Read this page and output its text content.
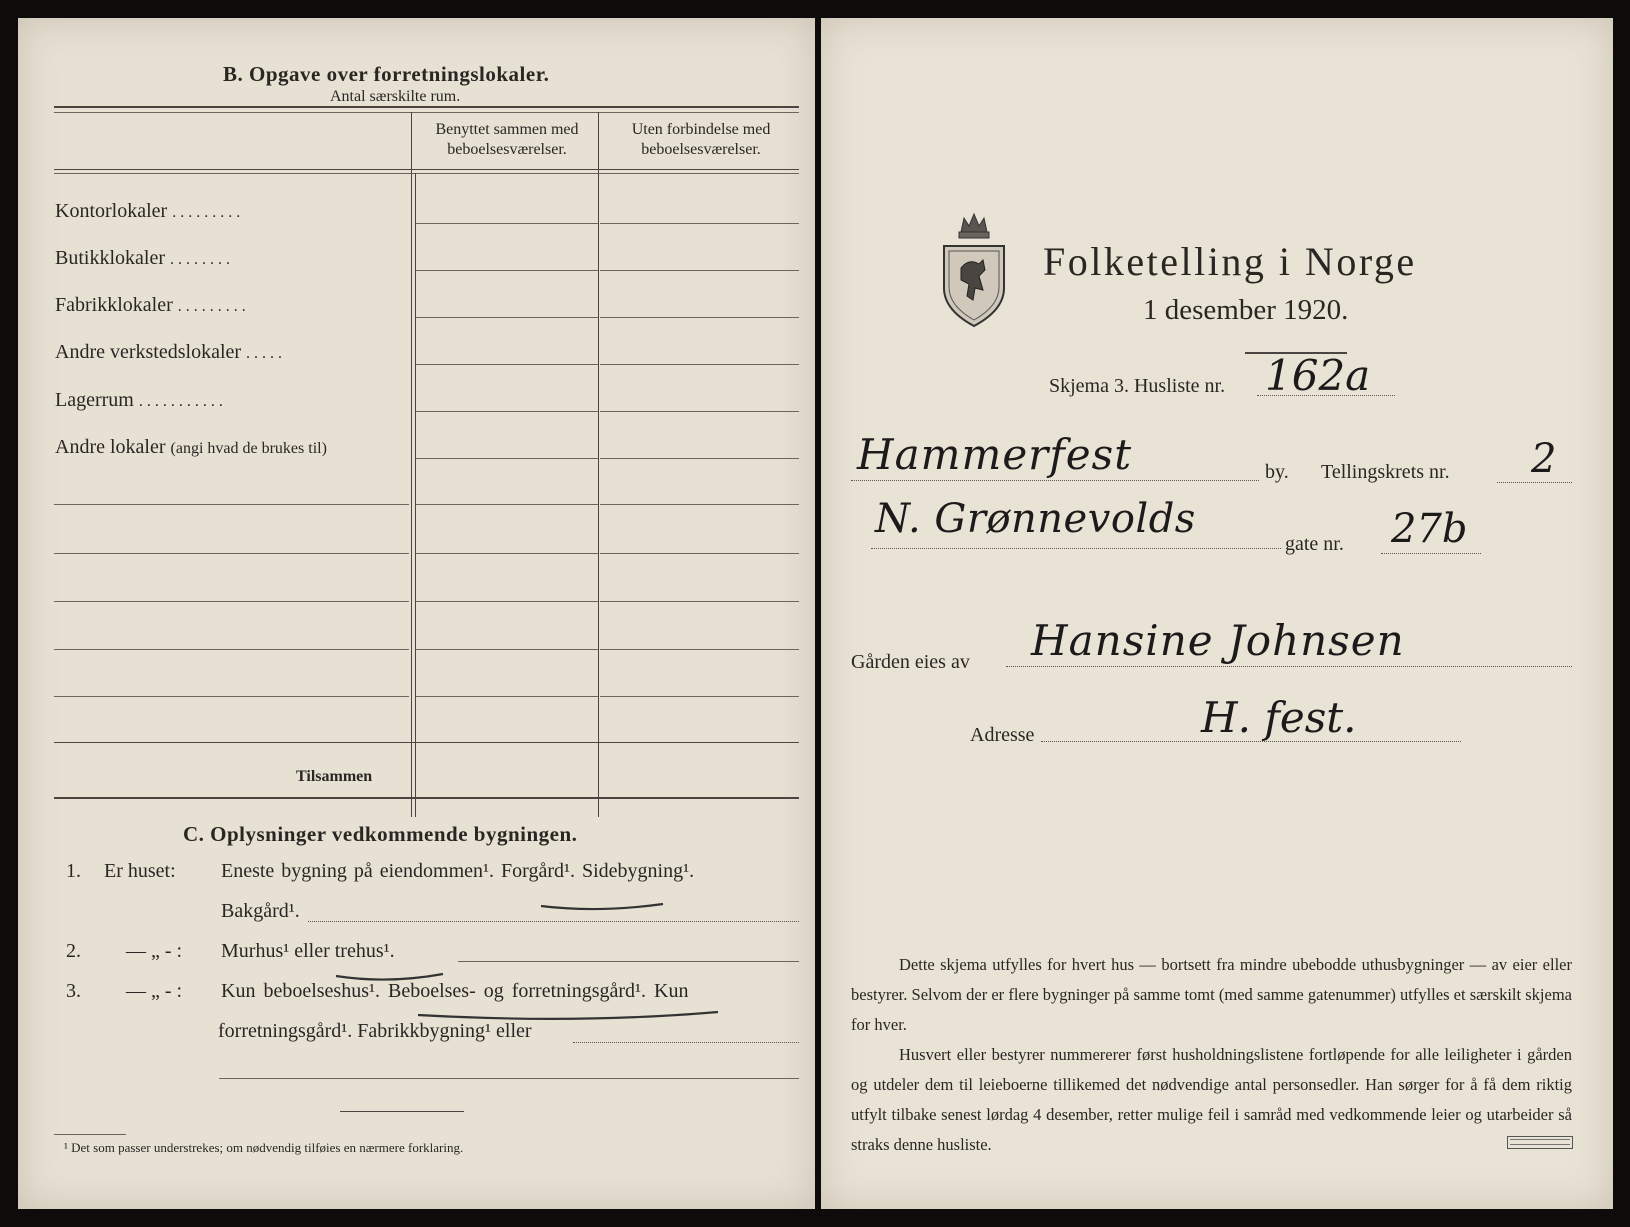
B. Opgave over forretningslokaler.
Antal særskilte rum.
Benyttet sammen med
beboelsesværelser.
Uten forbindelse med
beboelsesværelser.
Kontorlokaler . . . . . . . . .
Butikklokaler . . . . . . . .
Fabrikklokaler . . . . . . . . .
Andre verkstedslokaler . . . . .
Lagerrum . . . . . . . . . . .
Andre lokaler (angi hvad de brukes til)
Tilsammen
C. Oplysninger vedkommende bygningen.
1. Er huset: Eneste bygning på eiendommen¹. Forgård¹. Sidebygning¹.
Bakgård¹.
2. — „ - : Murhus¹ eller trehus¹.
3. — „ - : Kun beboelseshus¹. Beboelses- og forretningsgård¹. Kun
forretningsgård¹. Fabrikkbygning¹ eller
¹ Det som passer understrekes; om nødvendig tilføies en nærmere forklaring.
Folketelling i Norge
1 desember 1920.
Skjema 3. Husliste nr. 162a
Hammerfest	by. Tellingskrets nr. 2
N. Grønnevolds
gate nr. 27b
Gården eies av Hansine Johnsen
Adresse	H. fest.
Dette skjema utfylles for hvert hus — bortsett fra mindre ubebodde uthusbygninger — av eier eller bestyrer. Selvom der er flere bygninger på samme tomt (med samme gatenummer) utfylles et særskilt skjema for hver.
Husvert eller bestyrer nummererer først husholdningslistene fortløpende for alle leiligheter i gården og utdeler dem til leieboerne tillikemed det nødvendige antal personsedler. Han sørger for å få dem riktig utfylt tilbake senest lørdag 4 desember, retter mulige feil i samråd med vedkommende leier og utarbeider så straks denne husliste.
